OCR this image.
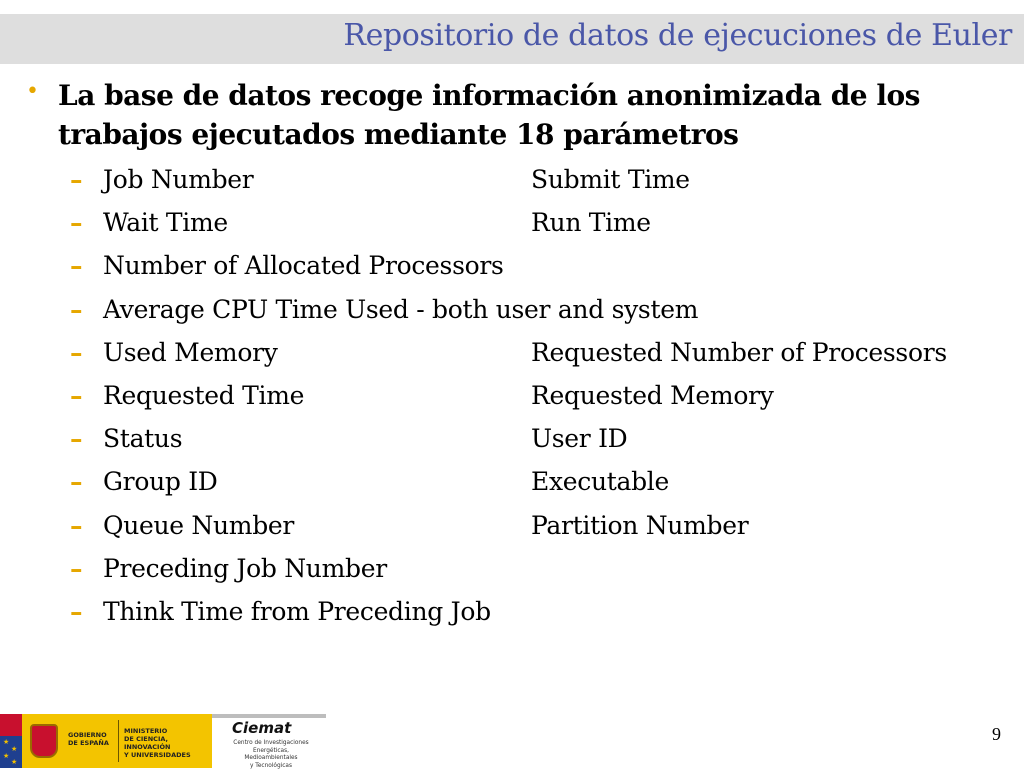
Repositorio de datos de ejecuciones de Euler
• La base de datos recoge información anonimizada de los trabajos ejecutados mediante 18 parámetros
– Job Number	Submit Time
– Wait Time	Run Time
– Number of Allocated Processors
– Average CPU Time Used - both user and system
– Used Memory	Requested Number of Processors
– Requested Time	Requested Memory
– Status	User ID
– Group ID	Executable
– Queue Number	Partition Number
– Preceding Job Number
– Think Time from Preceding Job
★
★
★
★
GOBIERNO
DE ESPAÑA
MINISTERIO
DE CIENCIA, INNOVACIÓN
Y UNIVERSIDADES
Ciemat
Centro de Investigaciones
Energéticas, Medioambientales
y Tecnológicas
9
